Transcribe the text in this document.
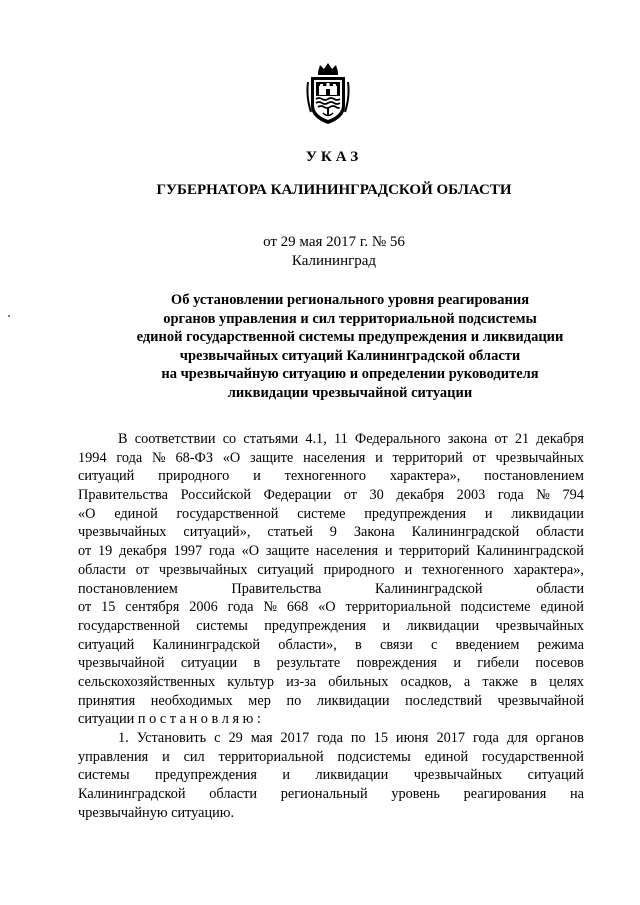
УКАЗ
ГУБЕРНАТОРА КАЛИНИНГРАДСКОЙ ОБЛАСТИ
от 29 мая 2017 г. № 56
Калининград
Об установлении регионального уровня реагирования
органов управления и сил территориальной подсистемы
единой государственной системы предупреждения и ликвидации
чрезвычайных ситуаций Калининградской области
на чрезвычайную ситуацию и определении руководителя
ликвидации чрезвычайной ситуации
В соответствии со статьями 4.1, 11 Федерального закона от 21 декабря
1994 года № 68-ФЗ «О защите населения и территорий от чрезвычайных
ситуаций природного и техногенного характера», постановлением
Правительства Российской Федерации от 30 декабря 2003 года № 794
«О единой государственной системе предупреждения и ликвидации
чрезвычайных ситуаций», статьей 9 Закона Калининградской области
от 19 декабря 1997 года «О защите населения и территорий Калининградской
области от чрезвычайных ситуаций природного и техногенного характера»,
постановлением	Правительства	Калининградской	области
от 15 сентября 2006 года № 668 «О территориальной подсистеме единой
государственной системы предупреждения и ликвидации чрезвычайных
ситуаций Калининградской области», в связи с введением режима
чрезвычайной ситуации в результате повреждения и гибели посевов
сельскохозяйственных культур из-за обильных осадков, а также в целях
принятия необходимых мер по ликвидации последствий чрезвычайной
ситуации п о с т а н о в л я ю :
1. Установить с 29 мая 2017 года по 15 июня 2017 года для органов
управления и сил территориальной подсистемы единой государственной
системы предупреждения и ликвидации чрезвычайных ситуаций
Калининградской области региональный уровень реагирования на
чрезвычайную ситуацию.
